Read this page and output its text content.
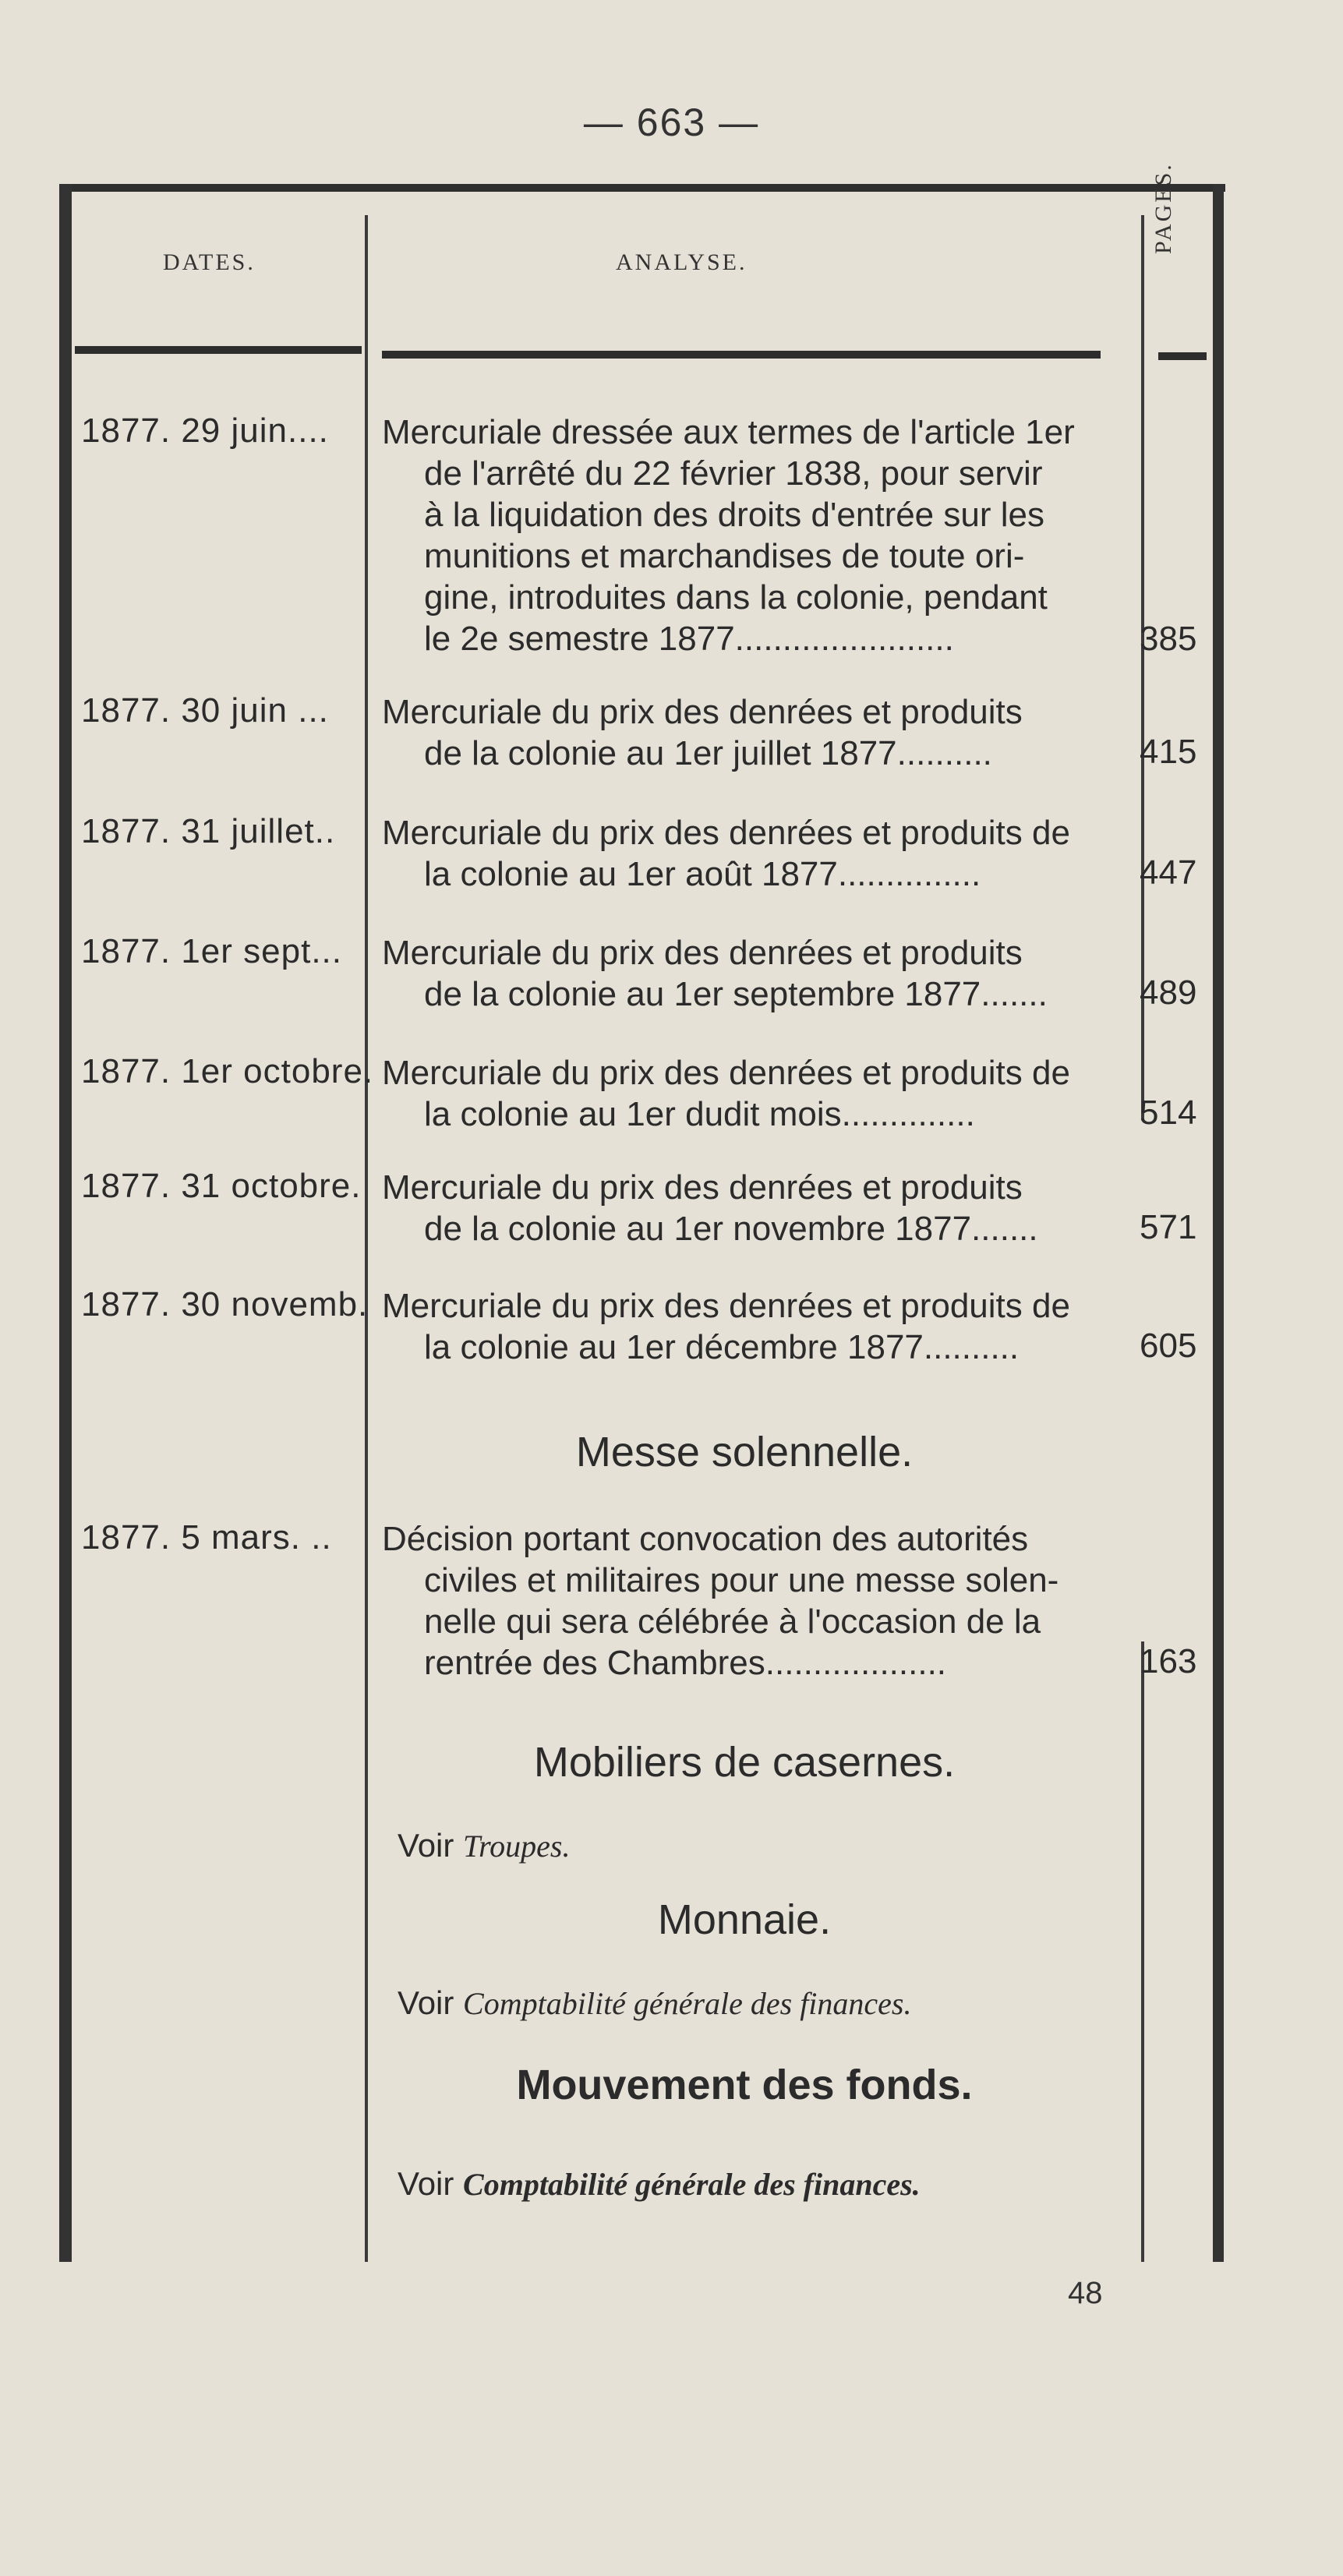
— 663 —
DATES.	ANALYSE.
PAGES.
1877. 29 juin....	Mercuriale dressée aux termes de l'article 1er
de l'arrêté du 22 février 1838, pour servir
à la liquidation des droits d'entrée sur les
munitions et marchandises de toute ori-
gine, introduites dans la colonie, pendant
le 2e semestre 1877.......................	385
1877. 30 juin ...	Mercuriale du prix des denrées et produits
de la colonie au 1er juillet 1877..........	415
1877. 31 juillet..	Mercuriale du prix des denrées et produits de
la colonie au 1er août 1877...............	447
1877. 1er sept...	Mercuriale du prix des denrées et produits
de la colonie au 1er septembre 1877.......	489
1877. 1er octobre. Mercuriale du prix des denrées et produits de
la colonie au 1er dudit mois..............	514
1877. 31 octobre. Mercuriale du prix des denrées et produits
de la colonie au 1er novembre 1877.......	571
1877. 30 novemb. Mercuriale du prix des denrées et produits de
la colonie au 1er décembre 1877..........	605
Messe solennelle.
1877. 5 mars. ..	Décision portant convocation des autorités
civiles et militaires pour une messe solen-
nelle qui sera célébrée à l'occasion de la
rentrée des Chambres...................	163
Mobiliers de casernes.
Voir Troupes.
Monnaie.
Voir Comptabilité générale des finances.
Mouvement des fonds.
Voir Comptabilité générale des finances.
48
